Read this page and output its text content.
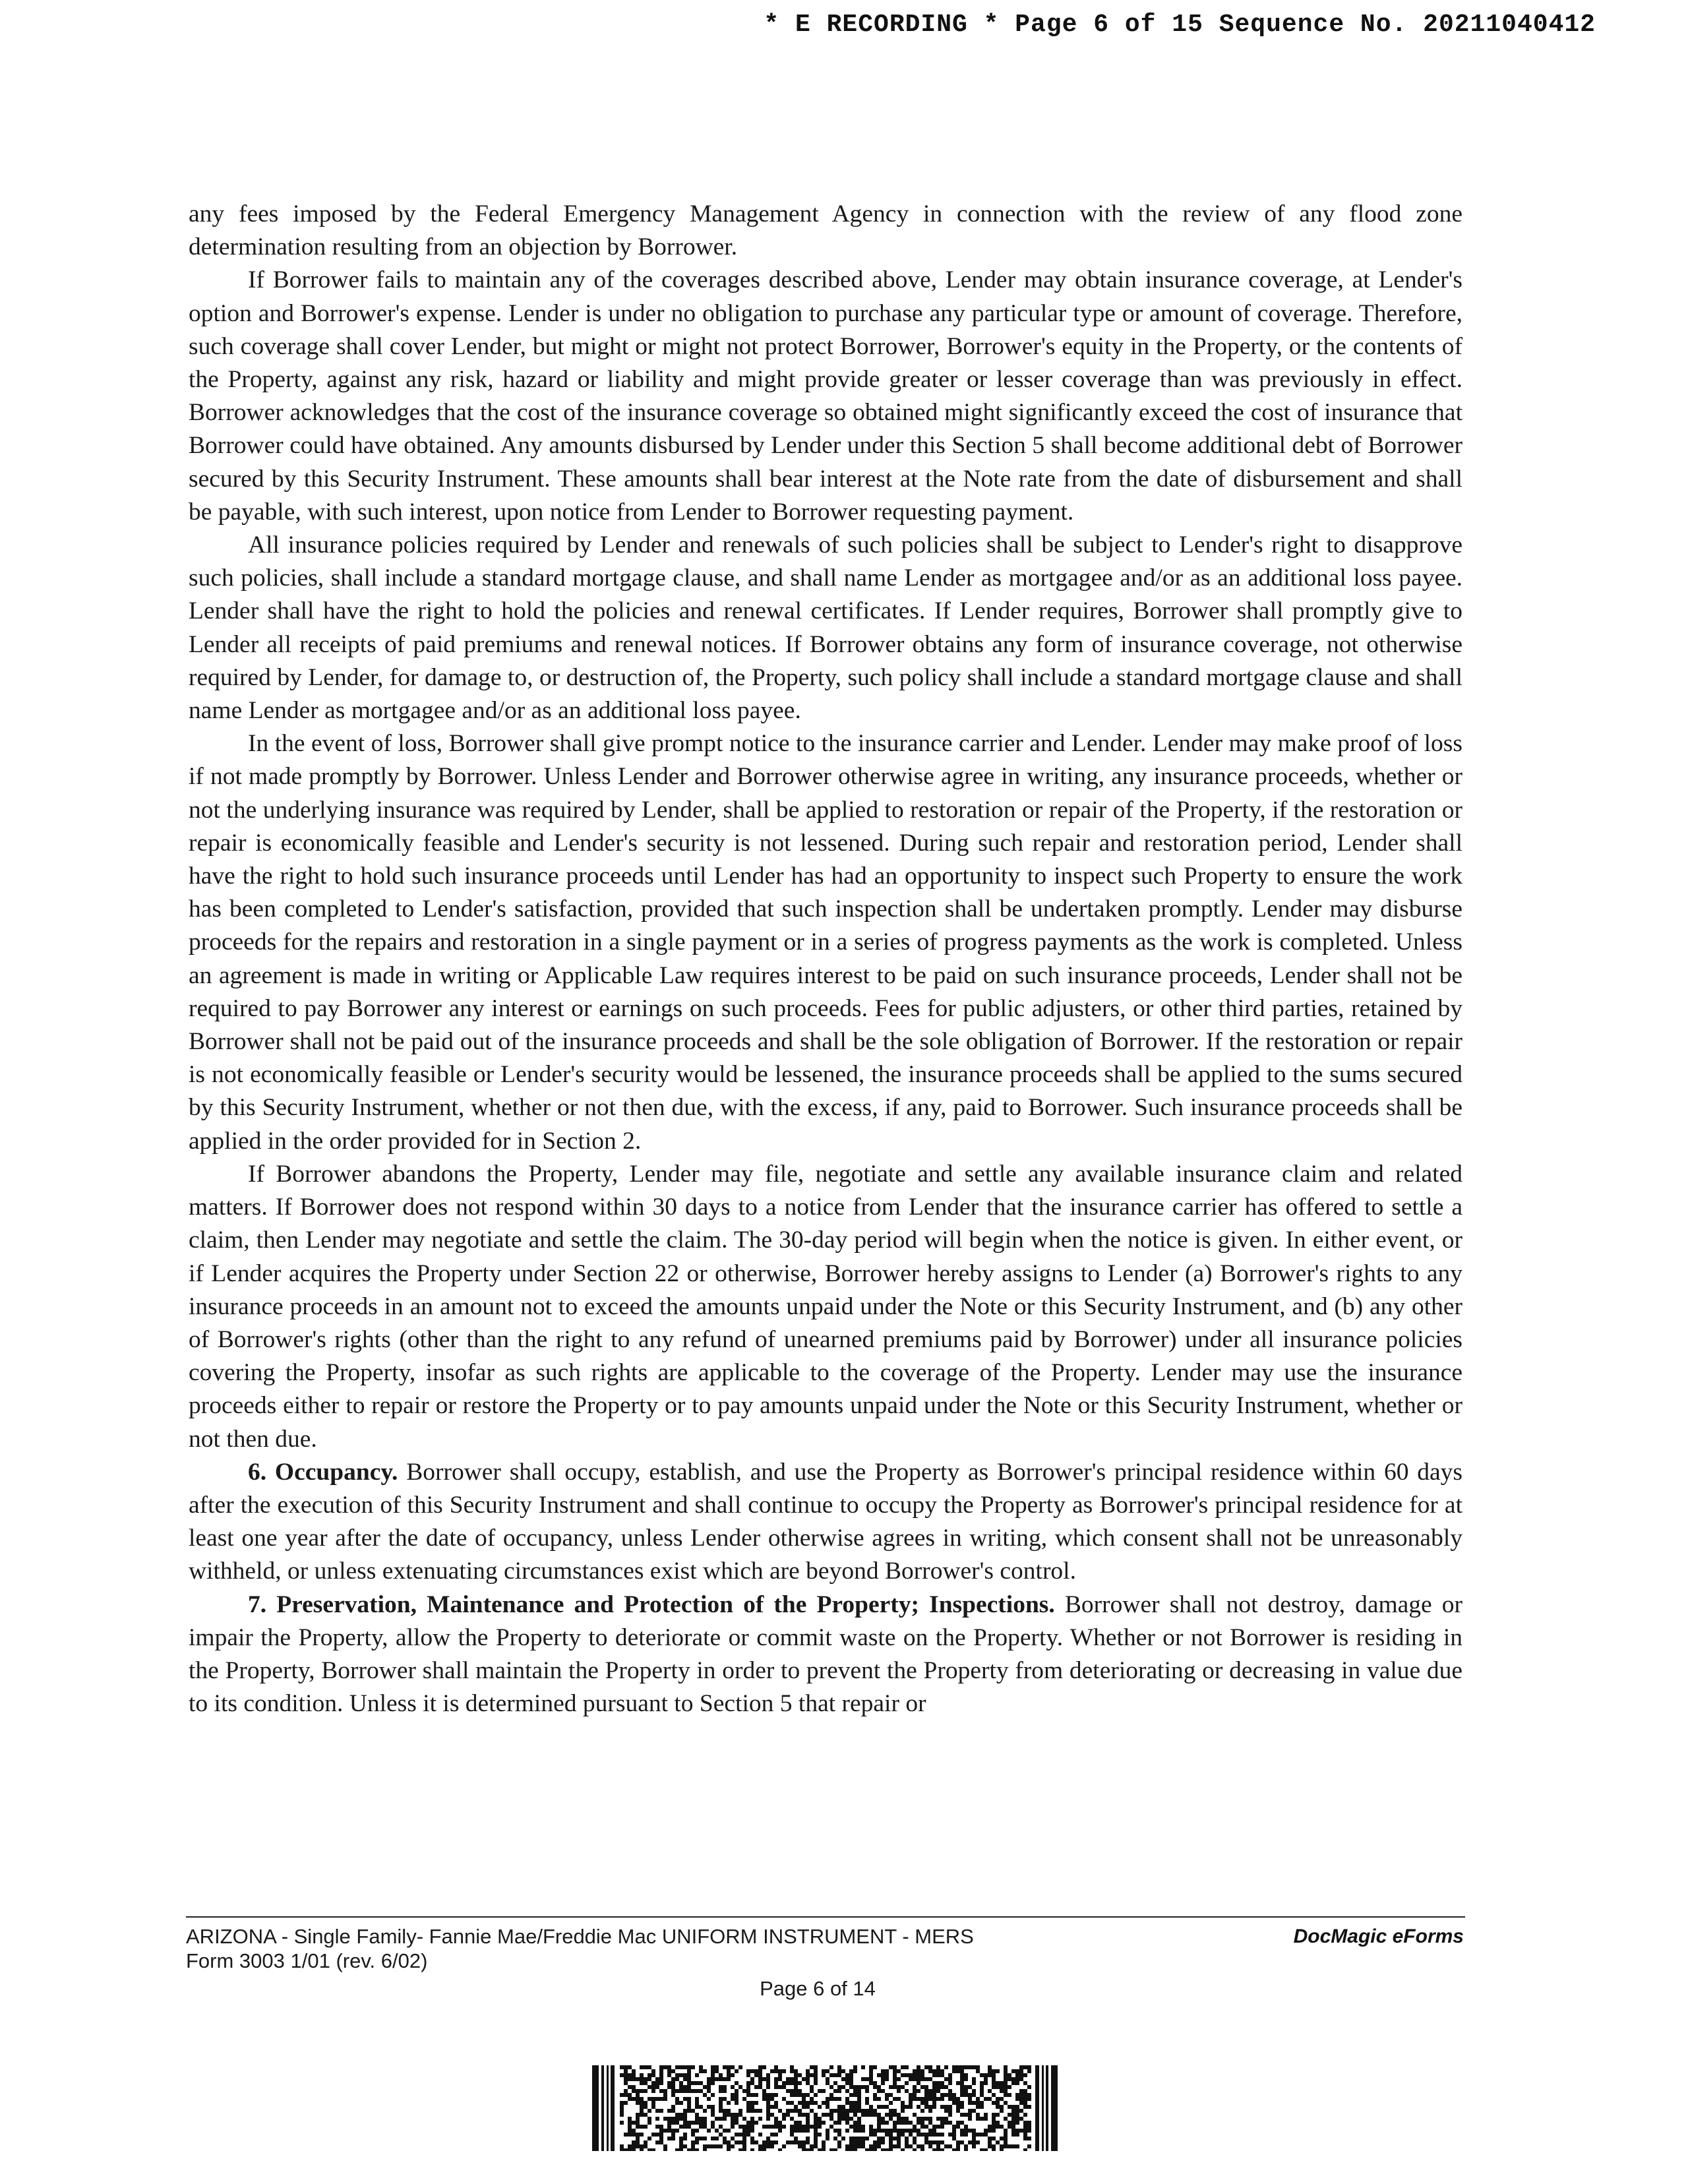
* E RECORDING * Page 6 of 15 Sequence No. 20211040412

any fees imposed by the Federal Emergency Management Agency in connection with the review of any flood zone determination resulting from an objection by Borrower.

If Borrower fails to maintain any of the coverages described above, Lender may obtain insurance coverage, at Lender's option and Borrower's expense. Lender is under no obligation to purchase any particular type or amount of coverage. Therefore, such coverage shall cover Lender, but might or might not protect Borrower, Borrower's equity in the Property, or the contents of the Property, against any risk, hazard or liability and might provide greater or lesser coverage than was previously in effect. Borrower acknowledges that the cost of the insurance coverage so obtained might significantly exceed the cost of insurance that Borrower could have obtained. Any amounts disbursed by Lender under this Section 5 shall become additional debt of Borrower secured by this Security Instrument. These amounts shall bear interest at the Note rate from the date of disbursement and shall be payable, with such interest, upon notice from Lender to Borrower requesting payment.

All insurance policies required by Lender and renewals of such policies shall be subject to Lender's right to disapprove such policies, shall include a standard mortgage clause, and shall name Lender as mortgagee and/or as an additional loss payee. Lender shall have the right to hold the policies and renewal certificates. If Lender requires, Borrower shall promptly give to Lender all receipts of paid premiums and renewal notices. If Borrower obtains any form of insurance coverage, not otherwise required by Lender, for damage to, or destruction of, the Property, such policy shall include a standard mortgage clause and shall name Lender as mortgagee and/or as an additional loss payee.

In the event of loss, Borrower shall give prompt notice to the insurance carrier and Lender. Lender may make proof of loss if not made promptly by Borrower. Unless Lender and Borrower otherwise agree in writing, any insurance proceeds, whether or not the underlying insurance was required by Lender, shall be applied to restoration or repair of the Property, if the restoration or repair is economically feasible and Lender's security is not lessened. During such repair and restoration period, Lender shall have the right to hold such insurance proceeds until Lender has had an opportunity to inspect such Property to ensure the work has been completed to Lender's satisfaction, provided that such inspection shall be undertaken promptly. Lender may disburse proceeds for the repairs and restoration in a single payment or in a series of progress payments as the work is completed. Unless an agreement is made in writing or Applicable Law requires interest to be paid on such insurance proceeds, Lender shall not be required to pay Borrower any interest or earnings on such proceeds. Fees for public adjusters, or other third parties, retained by Borrower shall not be paid out of the insurance proceeds and shall be the sole obligation of Borrower. If the restoration or repair is not economically feasible or Lender's security would be lessened, the insurance proceeds shall be applied to the sums secured by this Security Instrument, whether or not then due, with the excess, if any, paid to Borrower. Such insurance proceeds shall be applied in the order provided for in Section 2.

If Borrower abandons the Property, Lender may file, negotiate and settle any available insurance claim and related matters. If Borrower does not respond within 30 days to a notice from Lender that the insurance carrier has offered to settle a claim, then Lender may negotiate and settle the claim. The 30-day period will begin when the notice is given. In either event, or if Lender acquires the Property under Section 22 or otherwise, Borrower hereby assigns to Lender (a) Borrower's rights to any insurance proceeds in an amount not to exceed the amounts unpaid under the Note or this Security Instrument, and (b) any other of Borrower's rights (other than the right to any refund of unearned premiums paid by Borrower) under all insurance policies covering the Property, insofar as such rights are applicable to the coverage of the Property. Lender may use the insurance proceeds either to repair or restore the Property or to pay amounts unpaid under the Note or this Security Instrument, whether or not then due.

6. Occupancy. Borrower shall occupy, establish, and use the Property as Borrower's principal residence within 60 days after the execution of this Security Instrument and shall continue to occupy the Property as Borrower's principal residence for at least one year after the date of occupancy, unless Lender otherwise agrees in writing, which consent shall not be unreasonably withheld, or unless extenuating circumstances exist which are beyond Borrower's control.

7. Preservation, Maintenance and Protection of the Property; Inspections. Borrower shall not destroy, damage or impair the Property, allow the Property to deteriorate or commit waste on the Property. Whether or not Borrower is residing in the Property, Borrower shall maintain the Property in order to prevent the Property from deteriorating or decreasing in value due to its condition. Unless it is determined pursuant to Section 5 that repair or

ARIZONA - Single Family- Fannie Mae/Freddie Mac UNIFORM INSTRUMENT - MERS
Form 3003 1/01 (rev. 6/02)
DocMagic eForms
Page 6 of 14
